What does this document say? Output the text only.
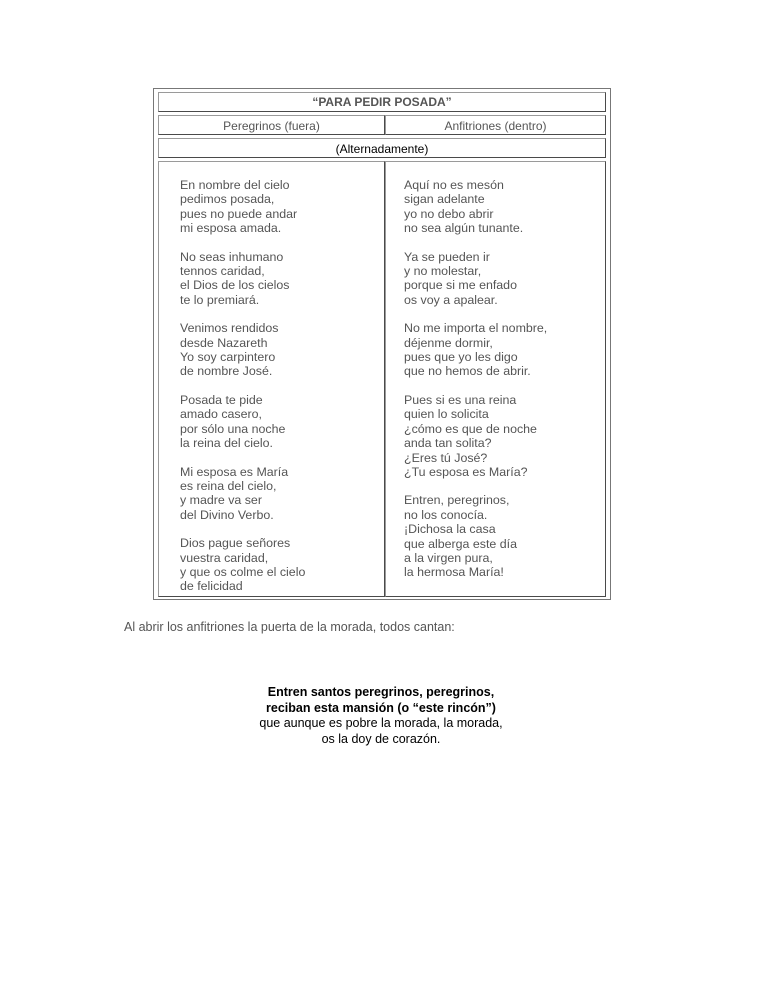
“PARA PEDIR POSADA”
Peregrinos (fuera)	Anfitriones (dentro)
(Alternadamente)
En nombre del cielo
pedimos posada,
pues no puede andar
mi esposa amada.
No seas inhumano
tennos caridad,
el Dios de los cielos
te lo premiará.
Venimos rendidos
desde Nazareth
Yo soy carpintero
de nombre José.
Posada te pide
amado casero,
por sólo una noche
la reina del cielo.
Mi esposa es María
es reina del cielo,
y madre va ser
del Divino Verbo.
Dios pague señores
vuestra caridad,
y que os colme el cielo
de felicidad
Aquí no es mesón
sigan adelante
yo no debo abrir
no sea algún tunante.
Ya se pueden ir
y no molestar,
porque si me enfado
os voy a apalear.
No me importa el nombre,
déjenme dormir,
pues que yo les digo
que no hemos de abrir.
Pues si es una reina
quien lo solicita
¿cómo es que de noche
anda tan solita?
¿Eres tú José?
¿Tu esposa es María?
Entren, peregrinos,
no los conocía.
¡Dichosa la casa
que alberga este día
a la virgen pura,
la hermosa María!
Al abrir los anfitriones la puerta de la morada, todos cantan:
Entren santos peregrinos, peregrinos,
reciban esta mansión (o “este rincón”)
que aunque es pobre la morada, la morada,
os la doy de corazón.
